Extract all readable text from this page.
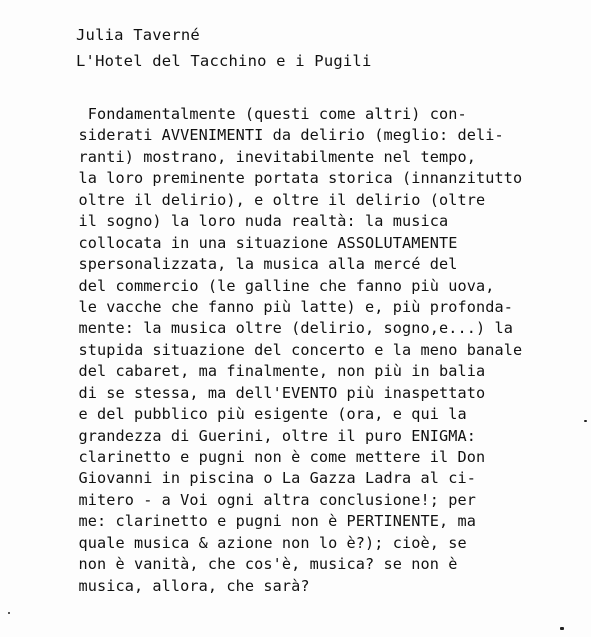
Julia Taverné
L'Hotel del Tacchino e i Pugili
Fondamentalmente (questi come altri) con-
siderati AVVENIMENTI da delirio (meglio: deli-
ranti) mostrano, inevitabilmente nel tempo,
la loro preminente portata storica (innanzitutto
oltre il delirio), e oltre il delirio (oltre
il sogno) la loro nuda realtà: la musica
collocata in una situazione ASSOLUTAMENTE
spersonalizzata, la musica alla mercé del
del commercio (le galline che fanno più uova,
le vacche che fanno più latte) e, più profonda-
mente: la musica oltre (delirio, sogno,e...) la
stupida situazione del concerto e la meno banale
del cabaret, ma finalmente, non più in balia
di se stessa, ma dell'EVENTO più inaspettato
e del pubblico più esigente (ora, e qui la
grandezza di Guerini, oltre il puro ENIGMA:
clarinetto e pugni non è come mettere il Don
Giovanni in piscina o La Gazza Ladra al ci-
mitero - a Voi ogni altra conclusione!; per
me: clarinetto e pugni non è PERTINENTE, ma
quale musica & azione non lo è?); cioè, se
non è vanità, che cos'è, musica? se non è
musica, allora, che sarà?
